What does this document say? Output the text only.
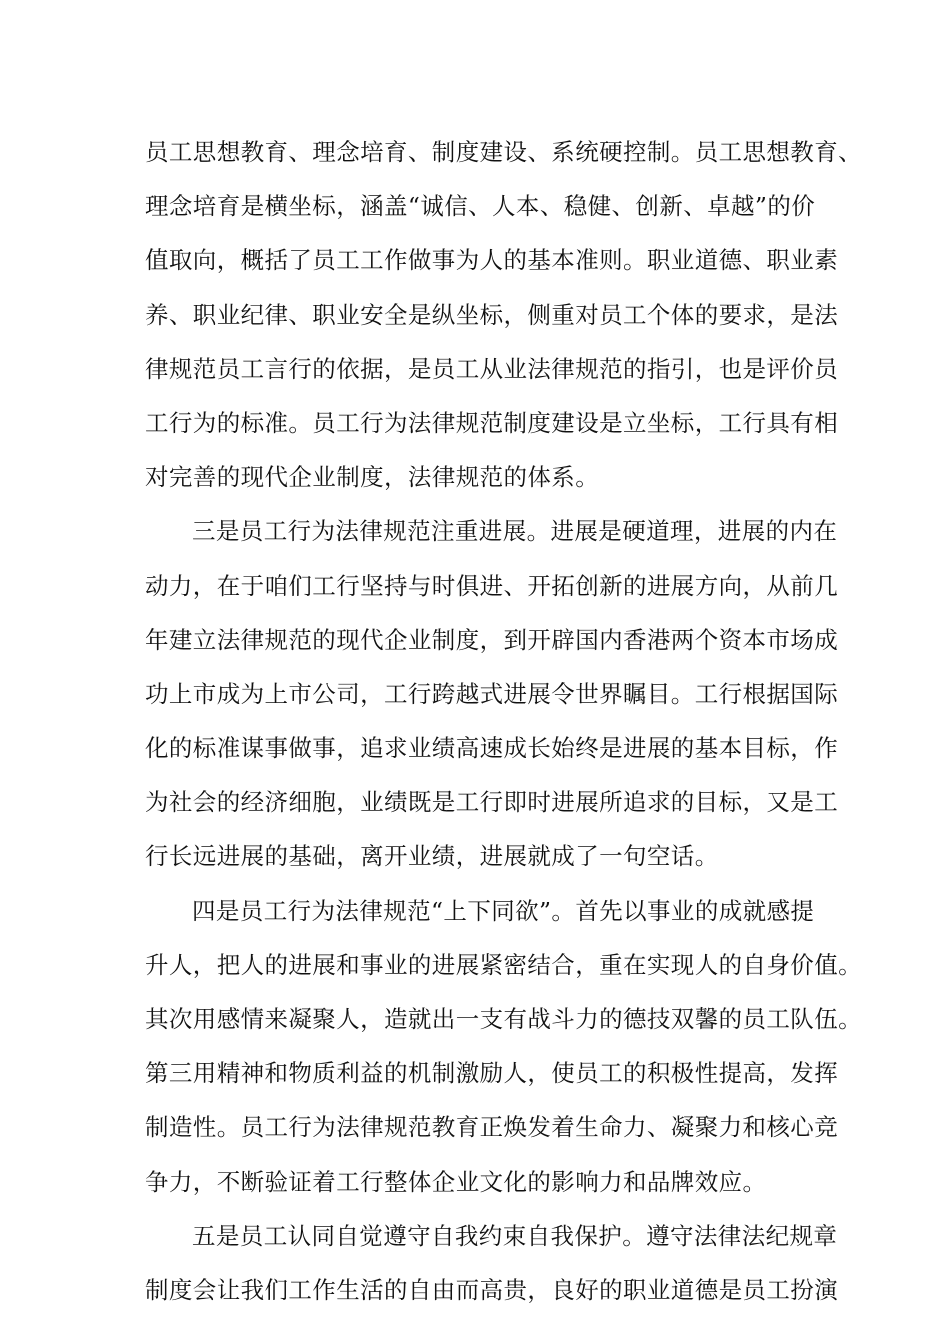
员工思想教育、理念培育、制度建设、系统硬控制。员工思想教育、
理念培育是横坐标，涵盖“诚信、人本、稳健、创新、卓越”的价
值取向，概括了员工工作做事为人的基本准则。职业道德、职业素
养、职业纪律、职业安全是纵坐标，侧重对员工个体的要求，是法
律规范员工言行的依据，是员工从业法律规范的指引，也是评价员
工行为的标准。员工行为法律规范制度建设是立坐标，工行具有相
对完善的现代企业制度，法律规范的体系。
三是员工行为法律规范注重进展。进展是硬道理，进展的内在
动力，在于咱们工行坚持与时俱进、开拓创新的进展方向，从前几
年建立法律规范的现代企业制度，到开辟国内香港两个资本市场成
功上市成为上市公司，工行跨越式进展令世界瞩目。工行根据国际
化的标准谋事做事，追求业绩高速成长始终是进展的基本目标，作
为社会的经济细胞，业绩既是工行即时进展所追求的目标，又是工
行长远进展的基础，离开业绩，进展就成了一句空话。
四是员工行为法律规范“上下同欲”。首先以事业的成就感提
升人，把人的进展和事业的进展紧密结合，重在实现人的自身价值。
其次用感情来凝聚人，造就出一支有战斗力的德技双馨的员工队伍。
第三用精神和物质利益的机制激励人，使员工的积极性提高，发挥
制造性。员工行为法律规范教育正焕发着生命力、凝聚力和核心竞
争力，不断验证着工行整体企业文化的影响力和品牌效应。
五是员工认同自觉遵守自我约束自我保护。遵守法律法纪规章
制度会让我们工作生活的自由而高贵，良好的职业道德是员工扮演
